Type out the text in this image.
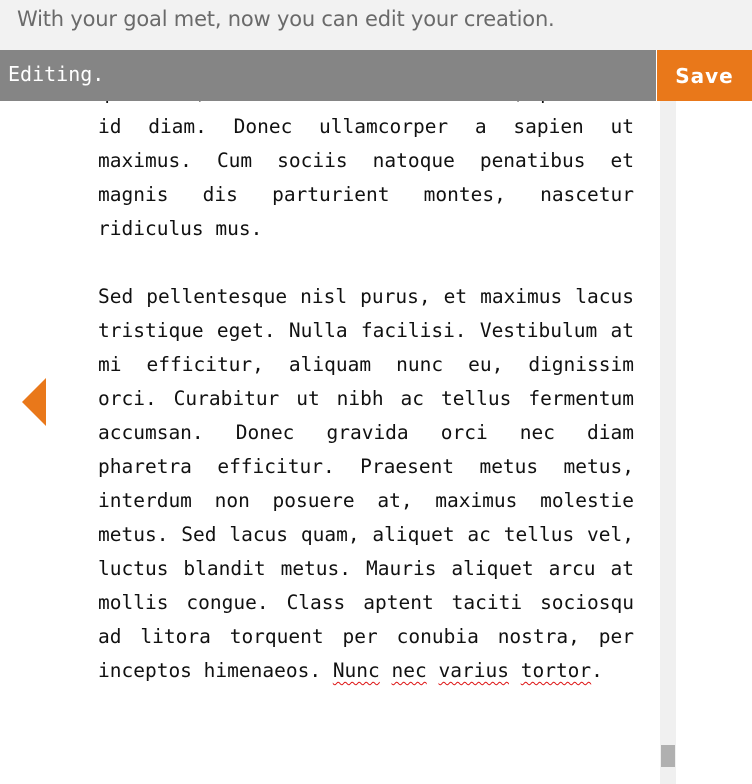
With your goal met, now you can edit your creation.
Editing.	Save

id diam. Donec ullamcorper a sapien ut maximus. Cum sociis natoque penatibus et magnis dis parturient montes, nascetur ridiculus mus.

Sed pellentesque nisl purus, et maximus lacus tristique eget. Nulla facilisi. Vestibulum at mi efficitur, aliquam nunc eu, dignissim orci. Curabitur ut nibh ac tellus fermentum accumsan. Donec gravida orci nec diam pharetra efficitur. Praesent metus metus, interdum non posuere at, maximus molestie metus. Sed lacus quam, aliquet ac tellus vel, luctus blandit metus. Mauris aliquet arcu at mollis congue. Class aptent taciti sociosqu ad litora torquent per conubia nostra, per inceptos himenaeos. Nunc nec varius tortor.
